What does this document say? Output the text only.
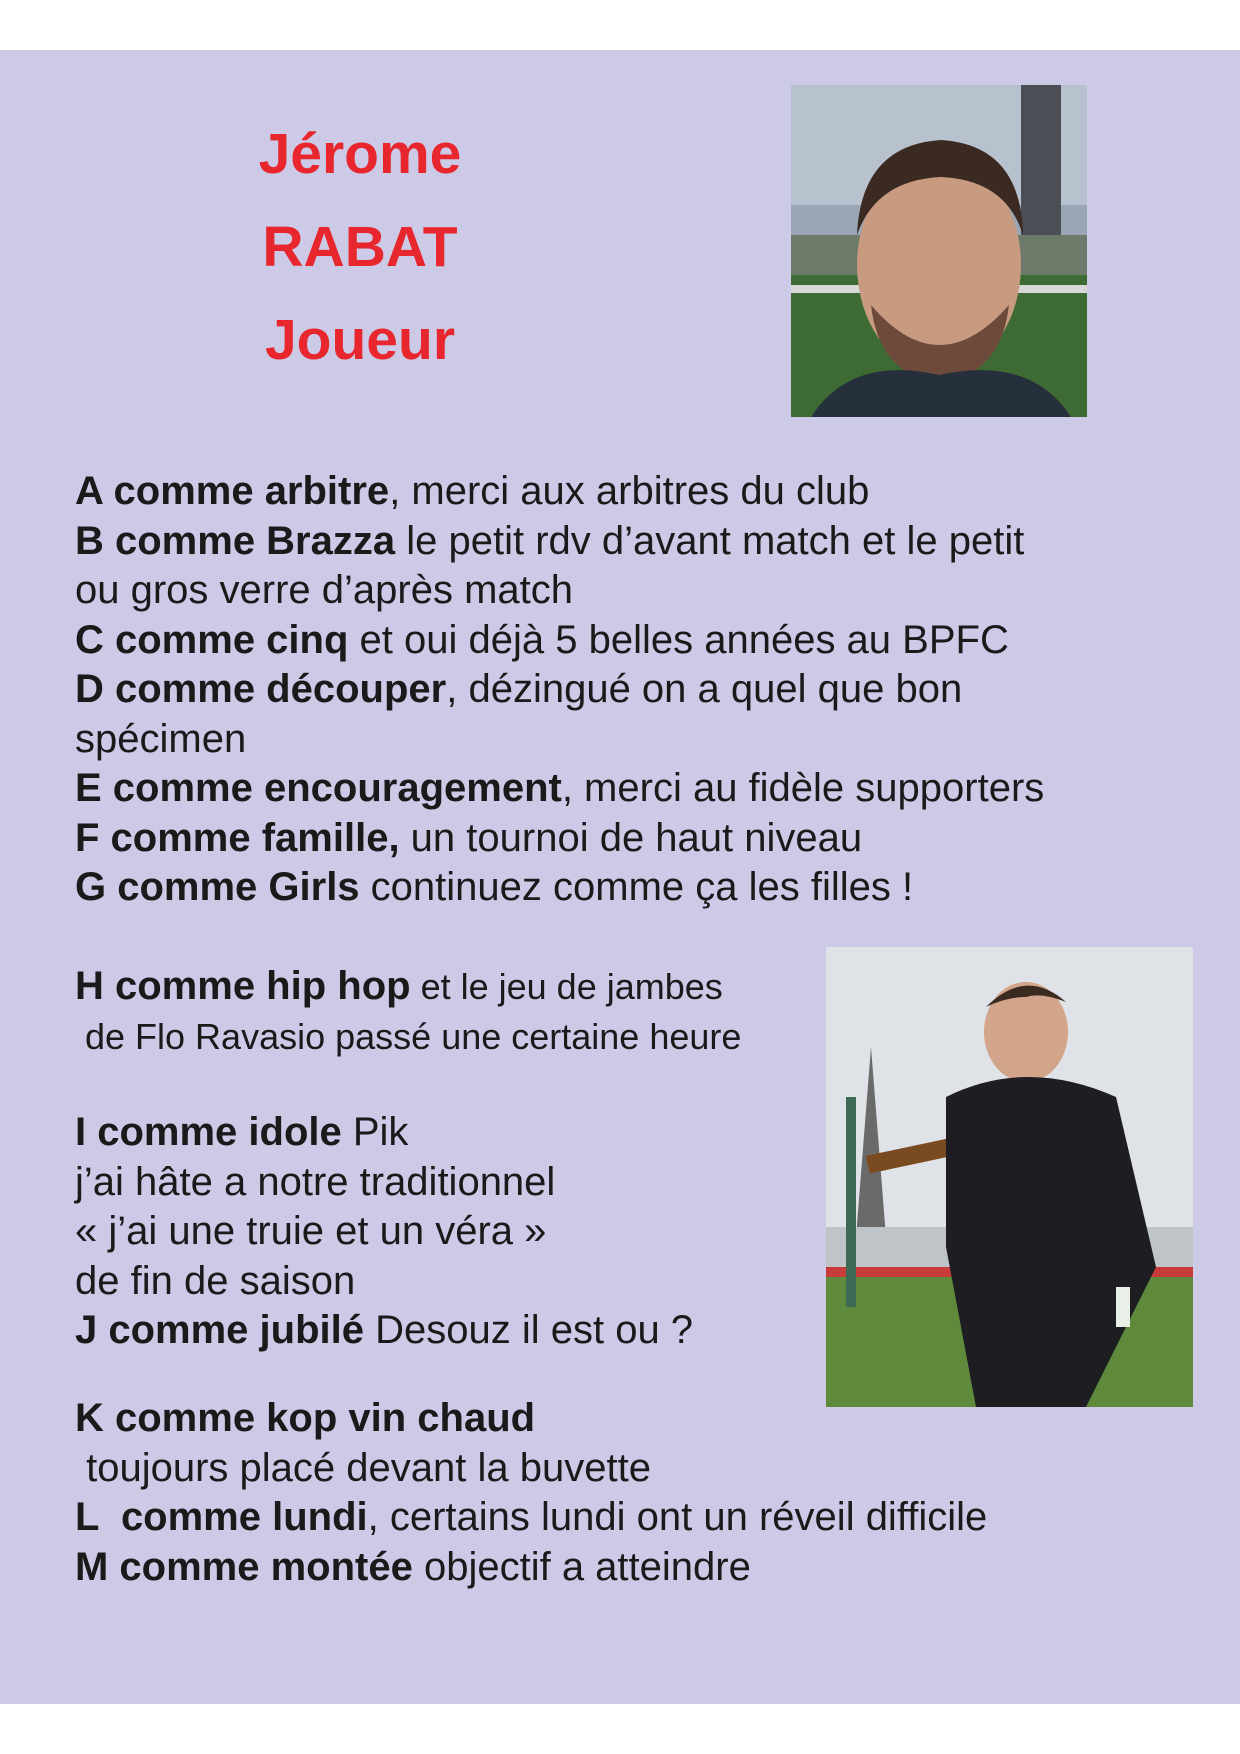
Jérome
RABAT
Joueur

A comme arbitre, merci aux arbitres du club

B comme Brazza le petit rdv d’avant match et le petit

ou gros verre d’après match

C comme cinq et oui déjà 5 belles années au BPFC

D comme découper, dézingué on a quel que bon

spécimen

E comme encouragement, merci au fidèle supporters

F comme famille, un tournoi de haut niveau

G comme Girls continuez comme ça les filles !

H comme hip hop et le jeu de jambes

de Flo Ravasio passé une certaine heure

I comme idole Pik

j’ai hâte a notre traditionnel

« j’ai une truie et un véra »

de fin de saison

J comme jubilé Desouz il est ou ?

K comme kop vin chaud

toujours placé devant la buvette

L  comme lundi, certains lundi ont un réveil difficile

M comme montée objectif a atteindre
